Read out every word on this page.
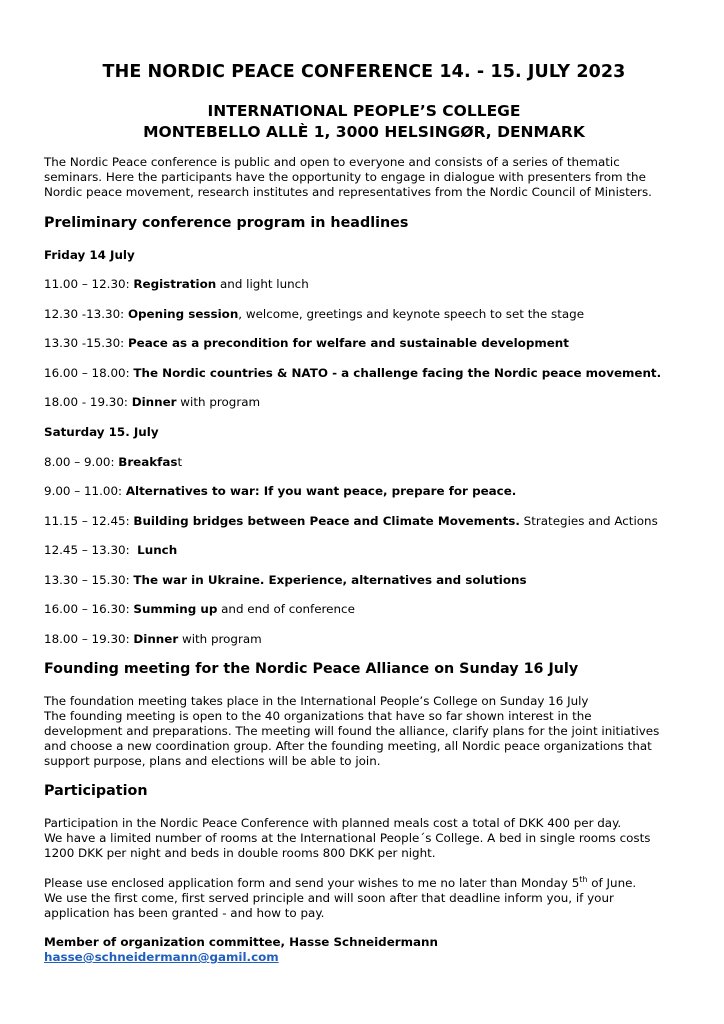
THE NORDIC PEACE CONFERENCE 14. - 15. JULY 2023
INTERNATIONAL PEOPLE’S COLLEGE
MONTEBELLO ALLÈ 1, 3000 HELSINGØR, DENMARK
The Nordic Peace conference is public and open to everyone and consists of a series of thematic
seminars. Here the participants have the opportunity to engage in dialogue with presenters from the
Nordic peace movement, research institutes and representatives from the Nordic Council of Ministers.
Preliminary conference program in headlines
Friday 14 July
11.00 – 12.30: Registration and light lunch
12.30 -13.30: Opening session, welcome, greetings and keynote speech to set the stage
13.30 -15.30: Peace as a precondition for welfare and sustainable development
16.00 – 18.00: The Nordic countries & NATO - a challenge facing the Nordic peace movement.
18.00 - 19.30: Dinner with program
Saturday 15. July
8.00 – 9.00: Breakfast
9.00 – 11.00: Alternatives to war: If you want peace, prepare for peace.
11.15 – 12.45: Building bridges between Peace and Climate Movements. Strategies and Actions
12.45 – 13.30:  Lunch
13.30 – 15.30: The war in Ukraine. Experience, alternatives and solutions
16.00 – 16.30: Summing up and end of conference
18.00 – 19.30: Dinner with program
Founding meeting for the Nordic Peace Alliance on Sunday 16 July
The foundation meeting takes place in the International People’s College on Sunday 16 July
The founding meeting is open to the 40 organizations that have so far shown interest in the
development and preparations. The meeting will found the alliance, clarify plans for the joint initiatives
and choose a new coordination group. After the founding meeting, all Nordic peace organizations that
support purpose, plans and elections will be able to join.
Participation
Participation in the Nordic Peace Conference with planned meals cost a total of DKK 400 per day.
We have a limited number of rooms at the International People´s College. A bed in single rooms costs
1200 DKK per night and beds in double rooms 800 DKK per night.
Please use enclosed application form and send your wishes to me no later than Monday 5th of June.
We use the first come, first served principle and will soon after that deadline inform you, if your
application has been granted - and how to pay.
Member of organization committee, Hasse Schneidermann
hasse@schneidermann@gamil.com
